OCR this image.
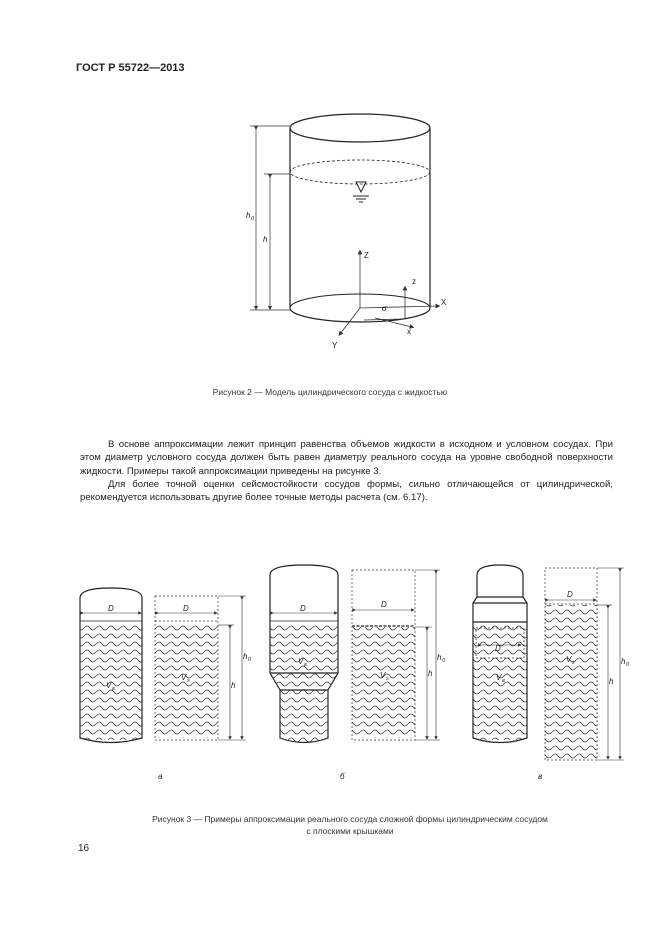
ГОСТ Р 55722—2013
h 0
h
Z
z
X
x
Y
σ
D	D
V в
V s	h
h 0
а
D	D
V в
V s
h
h 0
б
D
D
V в
V s
h
h 0
в
Рисунок 2 — Модель цилиндрического сосуда с жидкостью
В основе аппроксимации лежит принцип равенства объемов жидкости в исходном и условном сосудах. При этом диаметр условного сосуда должен быть равен диаметру реального сосуда на уровне свободной поверхности жидкости. Примеры такой аппроксимации приведены на рисунке 3.
Для более точной оценки сейсмостойкости сосудов формы, сильно отличающейся от цилиндрической, рекомендуется использовать другие более точные методы расчета (см. 6.17).
Рисунок 3 — Примеры аппроксимации реального сосуда сложной формы цилиндрическим сосудом
с плоскими крышками
16
